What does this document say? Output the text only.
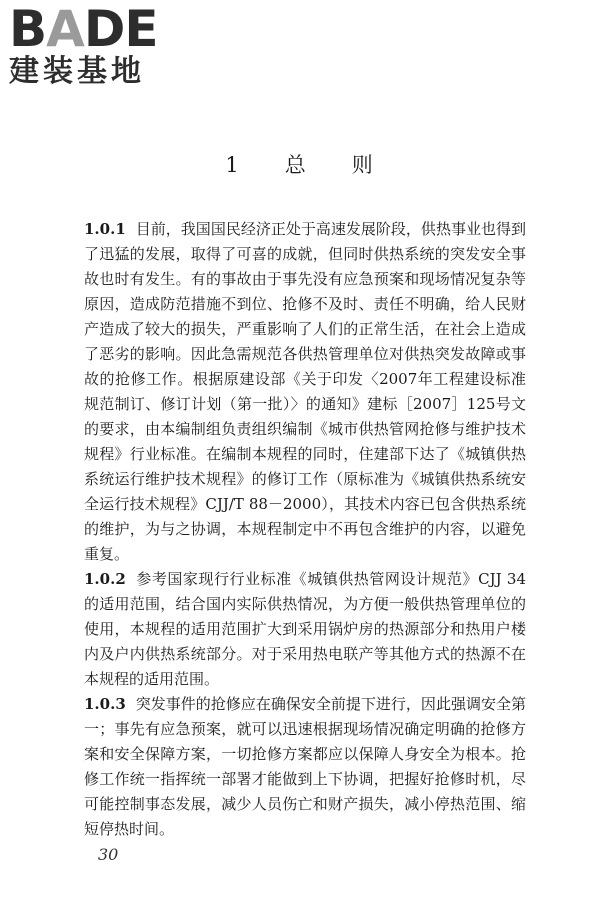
BADE
建装基地
1 总 则

1.0.1 目前，我国国民经济正处于高速发展阶段，供热事业也得到了迅猛的发展，取得了可喜的成就，但同时供热系统的突发安全事故也时有发生。有的事故由于事先没有应急预案和现场情况复杂等原因，造成防范措施不到位、抢修不及时、责任不明确，给人民财产造成了较大的损失，严重影响了人们的正常生活，在社会上造成了恶劣的影响。因此急需规范各供热管理单位对供热突发故障或事故的抢修工作。根据原建设部《关于印发〈2007年工程建设标准规范制订、修订计划（第一批）〉的通知》建标［2007］125号文的要求，由本编制组负责组织编制《城市供热管网抢修与维护技术规程》行业标准。在编制本规程的同时，住建部下达了《城镇供热系统运行维护技术规程》的修订工作（原标准为《城镇供热系统安全运行技术规程》CJJ/T 88－2000），其技术内容已包含供热系统的维护，为与之协调，本规程制定中不再包含维护的内容，以避免重复。

1.0.2 参考国家现行行业标准《城镇供热管网设计规范》CJJ 34的适用范围，结合国内实际供热情况，为方便一般供热管理单位的使用，本规程的适用范围扩大到采用锅炉房的热源部分和热用户楼内及户内供热系统部分。对于采用热电联产等其他方式的热源不在本规程的适用范围。

1.0.3 突发事件的抢修应在确保安全前提下进行，因此强调安全第一；事先有应急预案，就可以迅速根据现场情况确定明确的抢修方案和安全保障方案，一切抢修方案都应以保障人身安全为根本。抢修工作统一指挥统一部署才能做到上下协调，把握好抢修时机，尽可能控制事态发展，减少人员伤亡和财产损失，减小停热范围、缩短停热时间。

30
